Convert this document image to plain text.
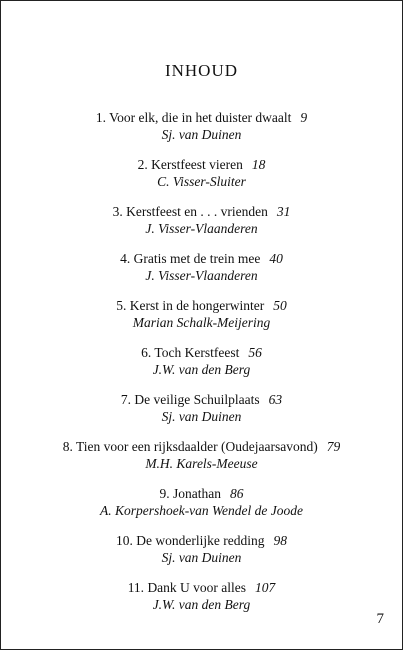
INHOUD
1. Voor elk, die in het duister dwaalt 9
Sj. van Duinen
2. Kerstfeest vieren 18
C. Visser-Sluiter
3. Kerstfeest en . . . vrienden 31
J. Visser-Vlaanderen
4. Gratis met de trein mee 40
J. Visser-Vlaanderen
5. Kerst in de hongerwinter 50
Marian Schalk-Meijering
6. Toch Kerstfeest 56
J.W. van den Berg
7. De veilige Schuilplaats 63
Sj. van Duinen
8. Tien voor een rijksdaalder (Oudejaarsavond) 79
M.H. Karels-Meeuse
9. Jonathan 86
A. Korpershoek-van Wendel de Joode
10. De wonderlijke redding 98
Sj. van Duinen
11. Dank U voor alles 107
J.W. van den Berg
7
